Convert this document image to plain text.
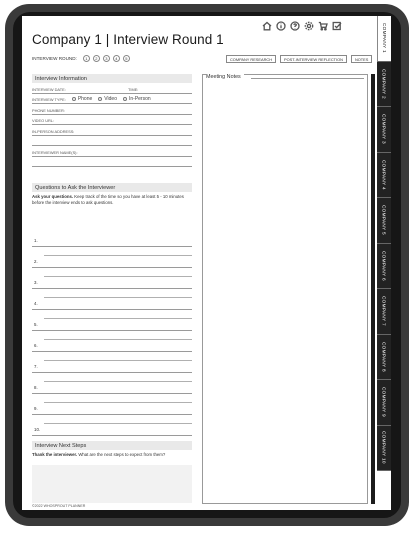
Company 1 | Interview Round 1
INTERVIEW ROUND:	1	2	3	4	5	COMPANY RESEARCH	POST-INTERVIEW REFLECTION	NOTES
Interview Information
INTERVIEW DATE:	TIME:
INTERVIEW TYPE: Phone Video In-Person
PHONE NUMBER:
VIDEO URL:
IN-PERSON ADDRESS:
INTERVIEWER NAME(S):
Questions to Ask the Interviewer
Ask your questions. Keep track of the time so you have at least 5 - 10 minutes before the interview ends to ask questions.
1.
2.
3.
4.
5.
6.
7.
8.
9.
10.
Interview Next Steps
Thank the interviewer. What are the next steps to expect from them?
©2022 WHOSPROUT PLANNER
Meeting Notes
COMPANY 1
COMPANY 2
COMPANY 3
COMPANY 4
COMPANY 5
COMPANY 6
COMPANY 7
COMPANY 8
COMPANY 9
COMPANY 10
